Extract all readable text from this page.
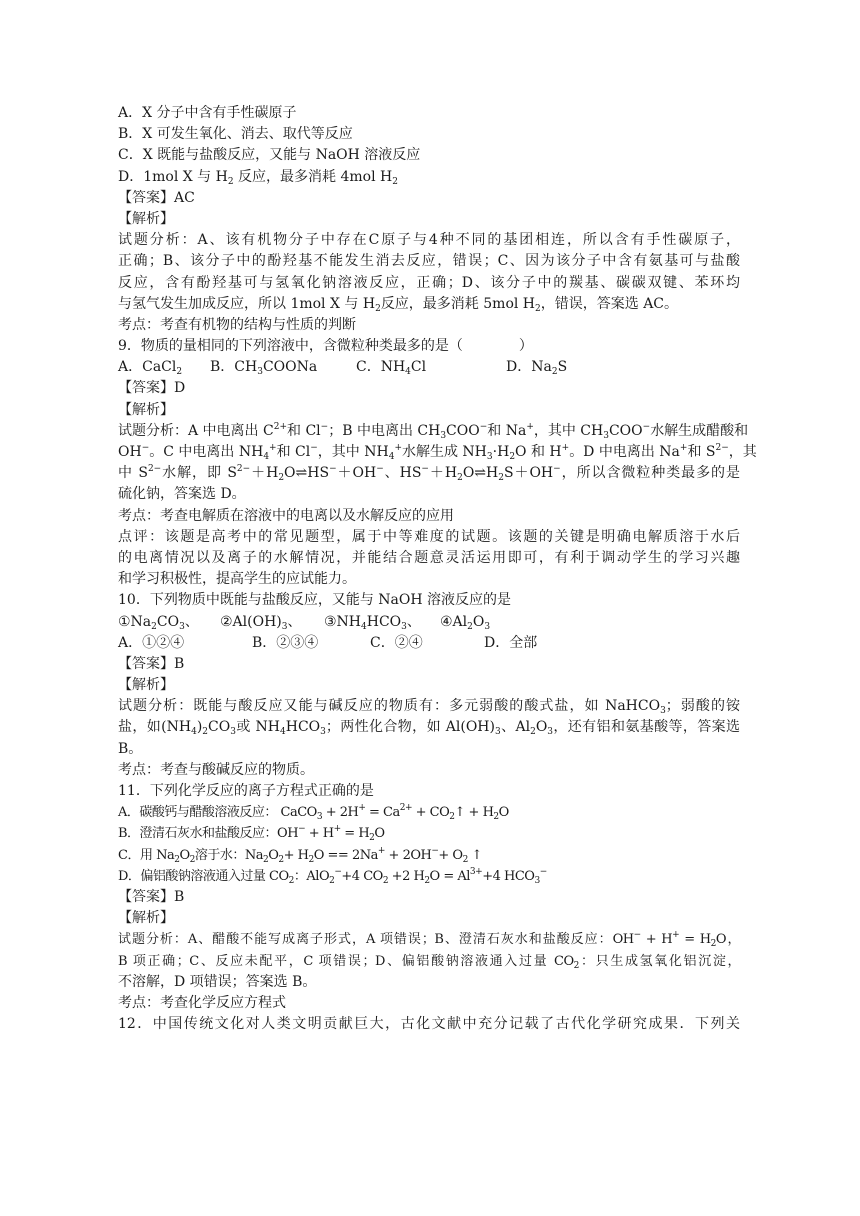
A．X 分子中含有手性碳原子
B．X 可发生氧化、消去、取代等反应
C．X 既能与盐酸反应，又能与 NaOH 溶液反应
D．1mol X 与 $H_2$ 反应，最多消耗 4mol $H_2$
【答案】AC
【解析】
试题分析：A、该有机物分子中存在C原子与4种不同的基团相连，所以含有手性碳原子，
正确；B、该分子中的酚羟基不能发生消去反应，错误；C、因为该分子中含有氨基可与盐酸
反应，含有酚羟基可与氢氧化钠溶液反应，正确；D、该分子中的羰基、碳碳双键、苯环均
与氢气发生加成反应，所以 1mol X 与 $H_2$反应，最多消耗 5mol $H_2$，错误，答案选 AC。
考点：考查有机物的结构与性质的判断
9．物质的量相同的下列溶液中，含微粒种类最多的是（　　　　）
A．CaCl$_2$ B．$CH_3COONa$	C．$NH_4Cl$	D．$Na_2S$
【答案】D
【解析】
试题分析：A 中电离出 $C^{2+}$和 Cl−；B 中电离出 $CH_3COO^-$和 Na+，其中 $CH_3COO^-$水解生成醋酸和
OH−。C 中电离出 $NH_4^+$和 Cl−，其中 $NH_4^+$水解生成 $NH_3\cdot H_2O$ 和 H+。D 中电离出 Na+和 $S^{2-}$，其
中 $S^{2-}$水解，即 $S^{2-}+H_2O\rightleftharpoons HS^-+OH^-$、$HS^-+H_2O\rightleftharpoons H_2S+OH^-$，所以含微粒种类最多的是
硫化钠，答案选 D。
考点：考查电解质在溶液中的电离以及水解反应的应用
点评：该题是高考中的常见题型，属于中等难度的试题。该题的关键是明确电解质溶于水后
的电离情况以及离子的水解情况，并能结合题意灵活运用即可，有利于调动学生的学习兴趣
和学习积极性，提高学生的应试能力。
10．下列物质中既能与盐酸反应，又能与 NaOH 溶液反应的是
$①Na_2CO_3$、 $②Al(OH)_3$、 $③NH_4HCO_3$、 $④Al_2O_3$
A．①②④	B．②③④	C．②④	D．全部
【答案】B
【解析】
试题分析：既能与酸反应又能与碱反应的物质有：多元弱酸的酸式盐，如 NaHCO$_3$；弱酸的铵
盐，如$(NH_4)_2CO_3$或 $NH_4HCO_3$；两性化合物，如 $Al(OH)_3$、$Al_2O_3$，还有铝和氨基酸等，答案选
B。
考点：考查与酸碱反应的物质。
11．下列化学反应的离子方程式正确的是
A．碳酸钙与醋酸溶液反应： CaCO$_3$ + $2H^+ = Ca^{2+}$ + $CO_2↑ + H_2O$
B．澄清石灰水和盐酸反应：$OH^- + H^+ = H_2O$
C．用 $Na_2O_2$溶于水：$Na_2O_2+ H_2O == 2Na^+ + 2OH^-+ O_2$ ↑
D．偏铝酸钠溶液通入过量 $CO_2$：AlO$_2$−+4 $CO_2 +2$ $H_2O = Al^{3+}+4$ $HCO_3^-$
【答案】B
【解析】
试题分析：A、醋酸不能写成离子形式，A 项错误；B、澄清石灰水和盐酸反应：$OH^- + H^+ = H_2O$，
B 项正确；C、反应未配平，C 项错误；D、偏铝酸钠溶液通入过量 $CO_2$：只生成氢氧化铝沉淀，
不溶解，D 项错误；答案选 B。
考点：考查化学反应方程式
12．中国传统文化对人类文明贡献巨大，古化文献中充分记载了古代化学研究成果．下列关
